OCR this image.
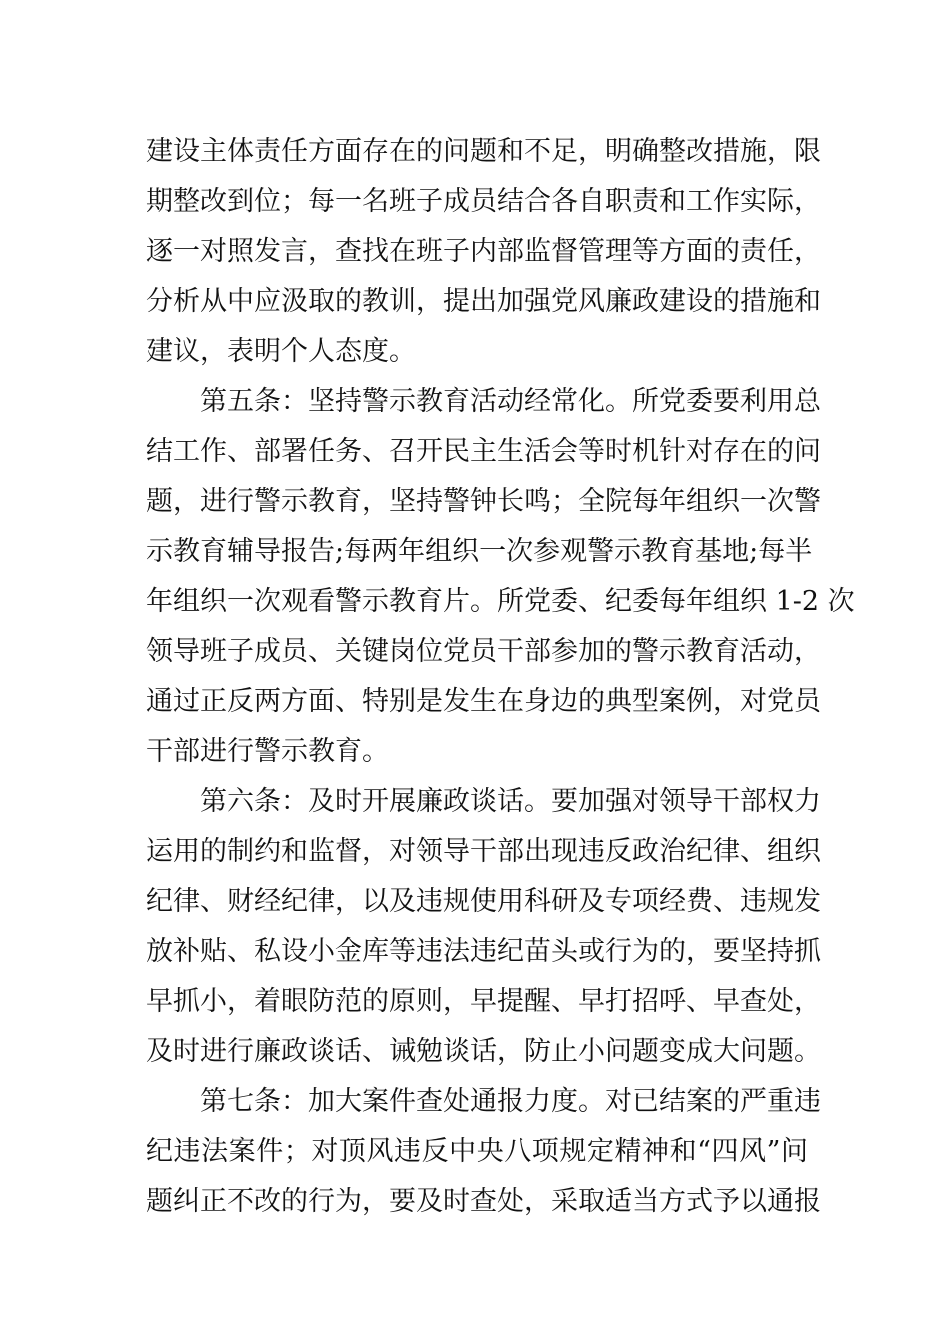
建设主体责任方面存在的问题和不足，明确整改措施，限
期整改到位；每一名班子成员结合各自职责和工作实际，
逐一对照发言，查找在班子内部监督管理等方面的责任，
分析从中应汲取的教训，提出加强党风廉政建设的措施和
建议，表明个人态度。
　　第五条：坚持警示教育活动经常化。所党委要利用总
结工作、部署任务、召开民主生活会等时机针对存在的问
题，进行警示教育，坚持警钟长鸣；全院每年组织一次警
示教育辅导报告;每两年组织一次参观警示教育基地;每半
年组织一次观看警示教育片。所党委、纪委每年组织 1-2 次
领导班子成员、关键岗位党员干部参加的警示教育活动，
通过正反两方面、特别是发生在身边的典型案例，对党员
干部进行警示教育。
　　第六条：及时开展廉政谈话。要加强对领导干部权力
运用的制约和监督，对领导干部出现违反政治纪律、组织
纪律、财经纪律，以及违规使用科研及专项经费、违规发
放补贴、私设小金库等违法违纪苗头或行为的，要坚持抓
早抓小，着眼防范的原则，早提醒、早打招呼、早查处，
及时进行廉政谈话、诫勉谈话，防止小问题变成大问题。
　　第七条：加大案件查处通报力度。对已结案的严重违
纪违法案件；对顶风违反中央八项规定精神和“四风”问
题纠正不改的行为，要及时查处，采取适当方式予以通报
